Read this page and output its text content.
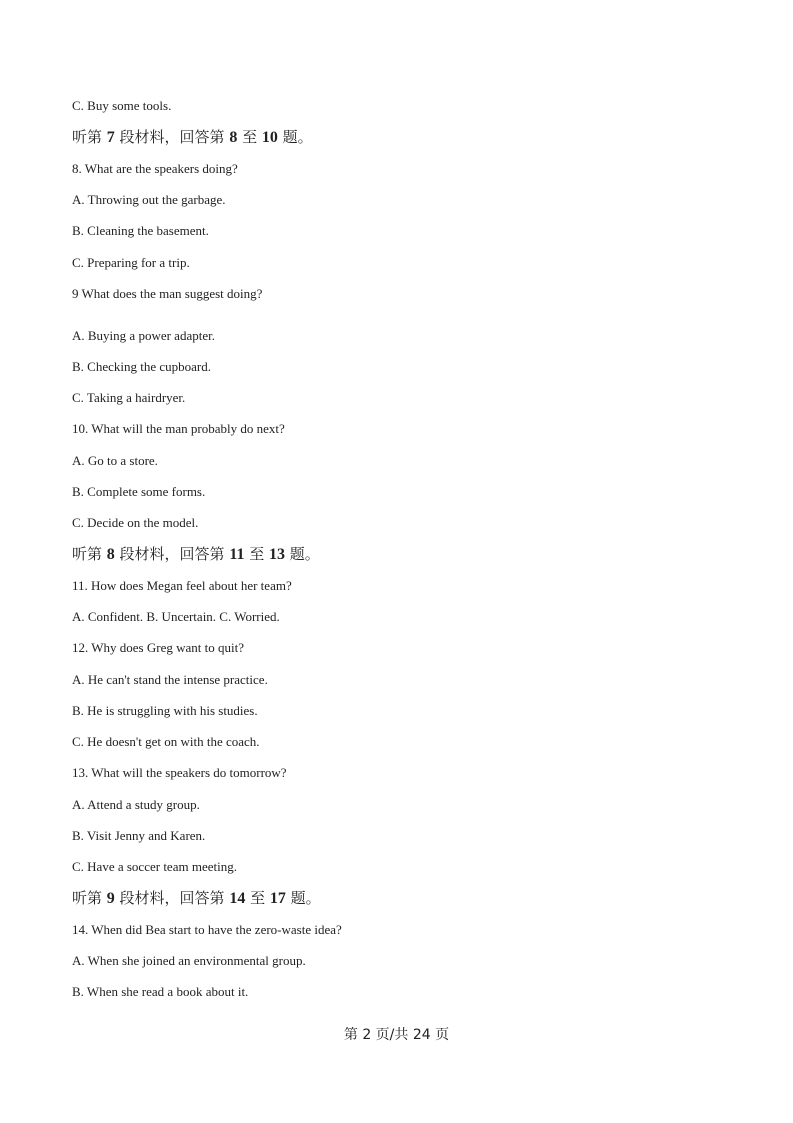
C. Buy some tools.
听第 7 段材料，回答第 8 至 10 题。
8. What are the speakers doing?
A. Throwing out the garbage.
B. Cleaning the basement.
C. Preparing for a trip.
9 What does the man suggest doing?
A. Buying a power adapter.
B. Checking the cupboard.
C. Taking a hairdryer.
10. What will the man probably do next?
A. Go to a store.
B. Complete some forms.
C. Decide on the model.
听第 8 段材料，回答第 11 至 13 题。
11. How does Megan feel about her team?
A. Confident. B. Uncertain. C. Worried.
12. Why does Greg want to quit?
A. He can't stand the intense practice.
B. He is struggling with his studies.
C. He doesn't get on with the coach.
13. What will the speakers do tomorrow?
A. Attend a study group.
B. Visit Jenny and Karen.
C. Have a soccer team meeting.
听第 9 段材料，回答第 14 至 17 题。
14. When did Bea start to have the zero-waste idea?
A. When she joined an environmental group.
B. When she read a book about it.
第 2 页/共 24 页
